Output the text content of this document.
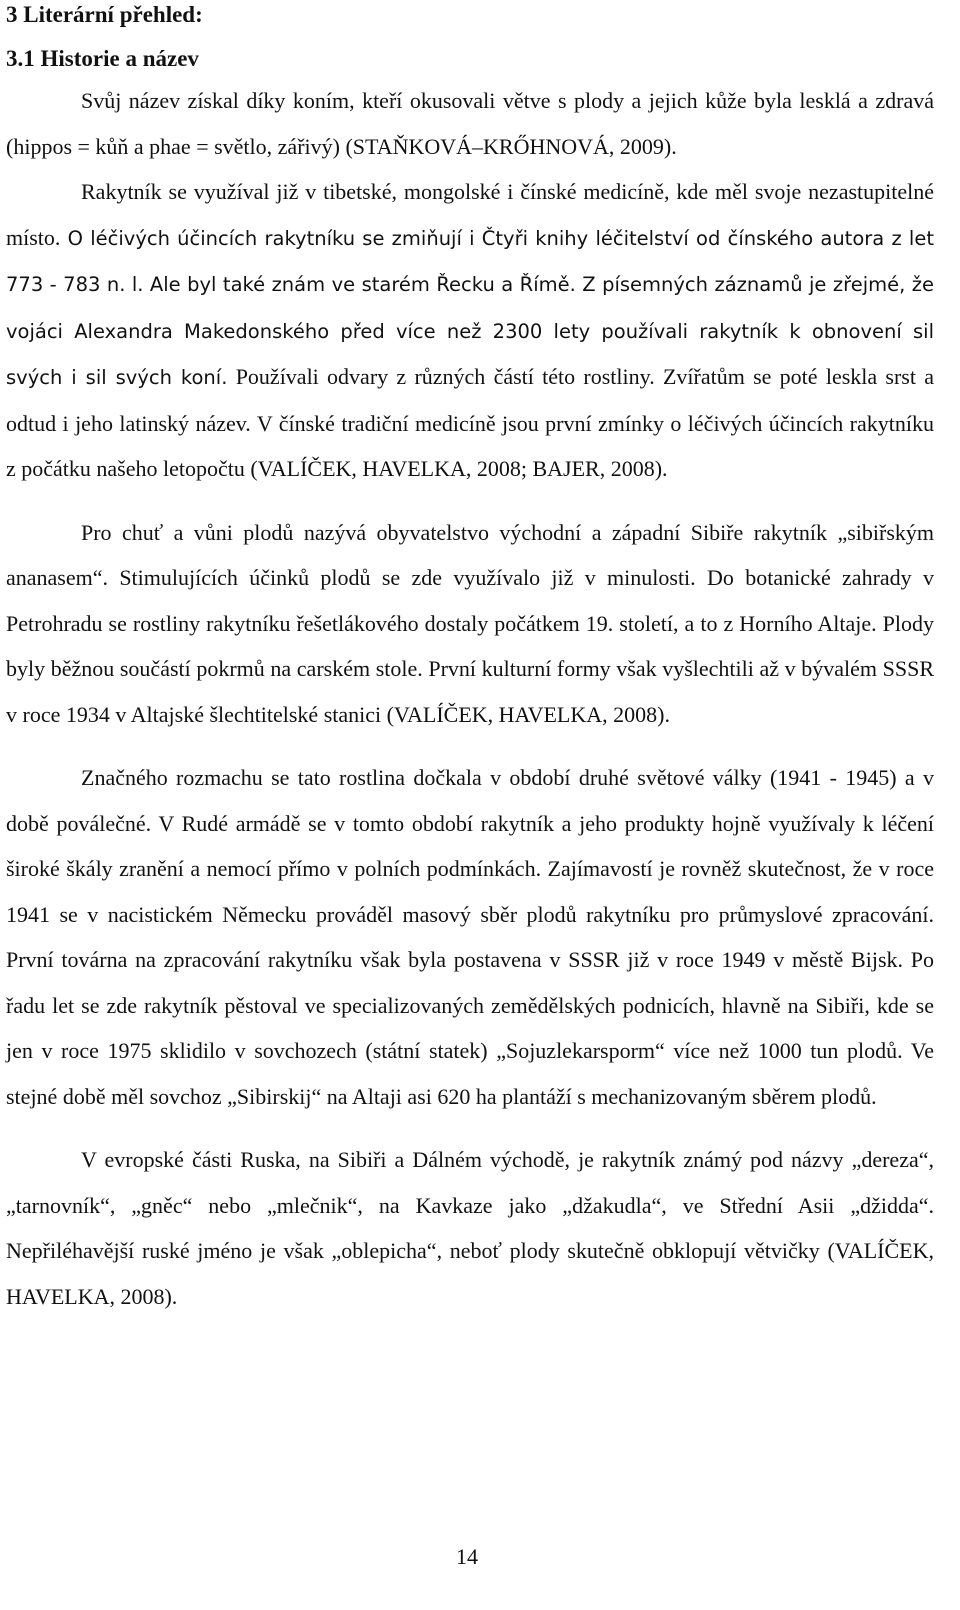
3 Literární přehled:
3.1 Historie a název

Svůj název získal díky koním, kteří okusovali větve s plody a jejich kůže byla lesklá a zdravá (hippos = kůň a phae = světlo, zářivý) (STAŇKOVÁ–KRŐHNOVÁ, 2009).

Rakytník se využíval již v tibetské, mongolské i čínské medicíně, kde měl svoje nezastupitelné místo. O léčivých účincích rakytníku se zmiňují i Čtyři knihy léčitelství od čínského autora z let 773 - 783 n. l. Ale byl také znám ve starém Řecku a Římě. Z písemných záznamů je zřejmé, že vojáci Alexandra Makedonského před více než 2300 lety používali rakytník k obnovení sil svých i sil svých koní. Používali odvary z různých částí této rostliny. Zvířatům se poté leskla srst a odtud i jeho latinský název. V čínské tradiční medicíně jsou první zmínky o léčivých účincích rakytníku z počátku našeho letopočtu (VALÍČEK, HAVELKA, 2008; BAJER, 2008).

Pro chuť a vůni plodů nazývá obyvatelstvo východní a západní Sibiře rakytník „sibiřským ananasem“. Stimulujících účinků plodů se zde využívalo již v minulosti. Do botanické zahrady v Petrohradu se rostliny rakytníku řešetlákového dostaly počátkem 19. století, a to z Horního Altaje. Plody byly běžnou součástí pokrmů na carském stole. První kulturní formy však vyšlechtili až v bývalém SSSR v roce 1934 v Altajské šlechtitelské stanici (VALÍČEK, HAVELKA, 2008).

Značného rozmachu se tato rostlina dočkala v období druhé světové války (1941 - 1945) a v době poválečné. V Rudé armádě se v tomto období rakytník a jeho produkty hojně využívaly k léčení široké škály zranění a nemocí přímo v polních podmínkách. Zajímavostí je rovněž skutečnost, že v roce 1941 se v nacistickém Německu prováděl masový sběr plodů rakytníku pro průmyslové zpracování. První továrna na zpracování rakytníku však byla postavena v SSSR již v roce 1949 v městě Bijsk. Po řadu let se zde rakytník pěstoval ve specializovaných zemědělských podnicích, hlavně na Sibiři, kde se jen v roce 1975 sklidilo v sovchozech (státní statek) „Sojuzlekarsporm“ více než 1000 tun plodů. Ve stejné době měl sovchoz „Sibirskij“ na Altaji asi 620 ha plantáží s mechanizovaným sběrem plodů.

V evropské části Ruska, na Sibiři a Dálném východě, je rakytník známý pod názvy „dereza“, „tarnovník“, „gněc“ nebo „mlečnik“, na Kavkaze jako „džakudla“, ve Střední Asii „džidda“. Nepřiléhavější ruské jméno je však „oblepicha“, neboť plody skutečně obklopují větvičky (VALÍČEK, HAVELKA, 2008).

14
